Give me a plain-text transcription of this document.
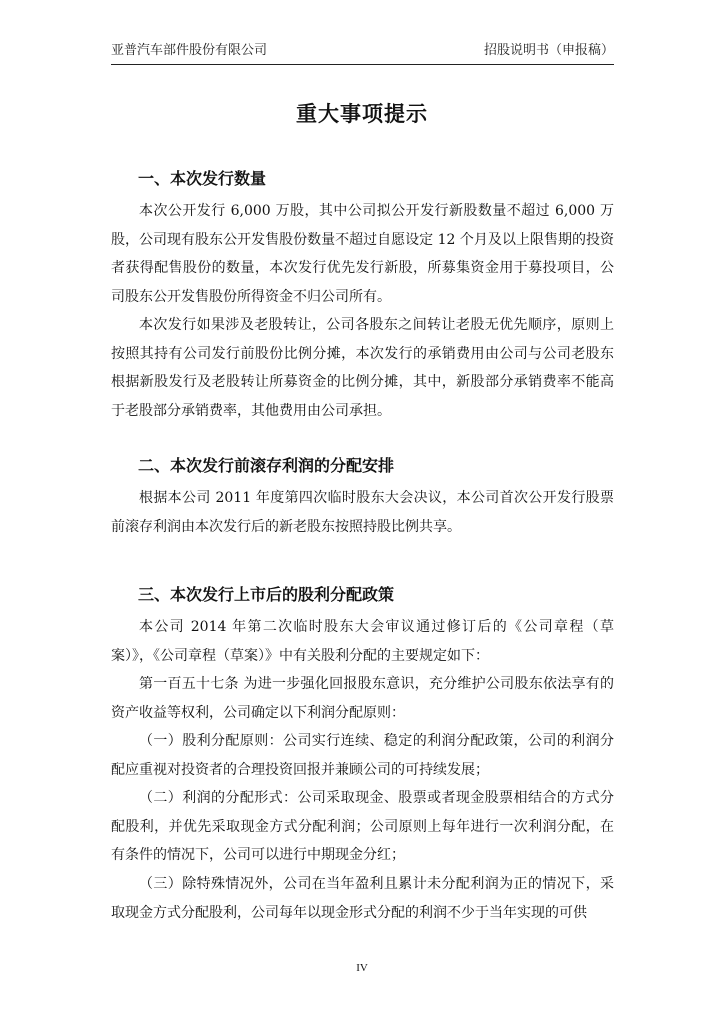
亚普汽车部件股份有限公司	招股说明书（申报稿）
重大事项提示
一、本次发行数量

本次公开发行 6,000 万股，其中公司拟公开发行新股数量不超过 6,000 万股，公司现有股东公开发售股份数量不超过自愿设定 12 个月及以上限售期的投资者获得配售股份的数量，本次发行优先发行新股，所募集资金用于募投项目，公司股东公开发售股份所得资金不归公司所有。

本次发行如果涉及老股转让，公司各股东之间转让老股无优先顺序，原则上按照其持有公司发行前股份比例分摊，本次发行的承销费用由公司与公司老股东根据新股发行及老股转让所募资金的比例分摊，其中，新股部分承销费率不能高于老股部分承销费率，其他费用由公司承担。

二、本次发行前滚存利润的分配安排

根据本公司 2011 年度第四次临时股东大会决议，本公司首次公开发行股票前滚存利润由本次发行后的新老股东按照持股比例共享。

三、本次发行上市后的股利分配政策

本公司 2014 年第二次临时股东大会审议通过修订后的《公司章程（草案）》，《公司章程（草案）》中有关股利分配的主要规定如下：

第一百五十七条 为进一步强化回报股东意识，充分维护公司股东依法享有的资产收益等权利，公司确定以下利润分配原则：

（一）股利分配原则：公司实行连续、稳定的利润分配政策，公司的利润分配应重视对投资者的合理投资回报并兼顾公司的可持续发展；

（二）利润的分配形式：公司采取现金、股票或者现金股票相结合的方式分配股利，并优先采取现金方式分配利润；公司原则上每年进行一次利润分配，在有条件的情况下，公司可以进行中期现金分红；

（三）除特殊情况外，公司在当年盈利且累计未分配利润为正的情况下，采取现金方式分配股利，公司每年以现金形式分配的利润不少于当年实现的可供

IV
